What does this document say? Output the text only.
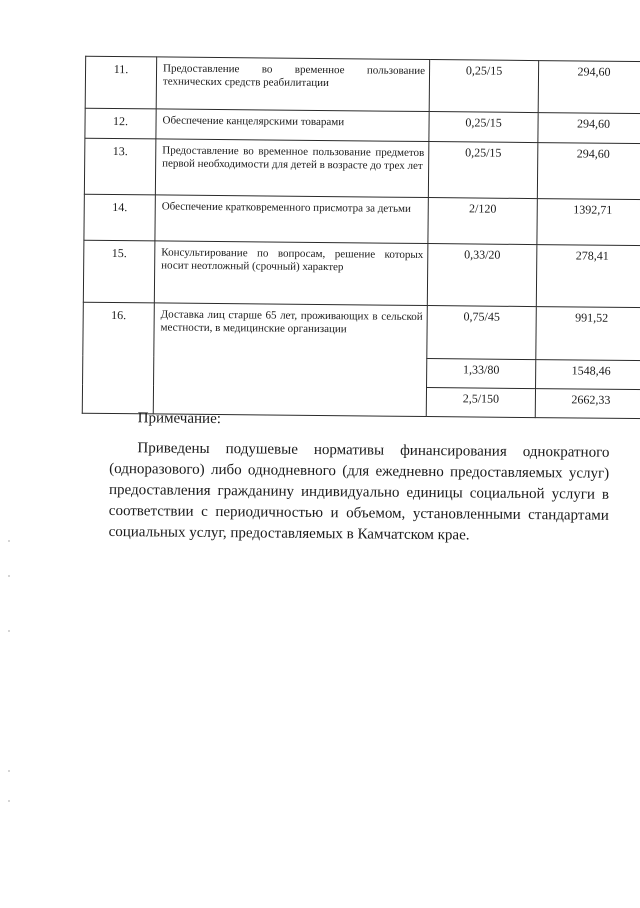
11.	Предоставление во временное пользование технических средств реабилитации	0,25/15	294,60
12.	Обеспечение канцелярскими товарами	0,25/15	294,60
13.	Предоставление во временное пользование предметов первой необходимости для детей в возрасте до трех лет	0,25/15	294,60
14.	Обеспечение кратковременного присмотра за детьми	2/120	1392,71
15.	Консультирование по вопросам, решение которых носит неотложный (срочный) характер	0,33/20	278,41
16.	Доставка лиц старше 65 лет, проживающих в сельской местности, в медицинские организации	0,75/45	991,52
		1,33/80	1548,46
		2,5/150	2662,33
Примечание:
Приведены подушевые нормативы финансирования однократного (одноразового) либо однодневного (для ежедневно предоставляемых услуг) предоставления гражданину индивидуально единицы социальной услуги в соответствии с периодичностью и объемом, установленными стандартами социальных услуг, предоставляемых в Камчатском крае.
